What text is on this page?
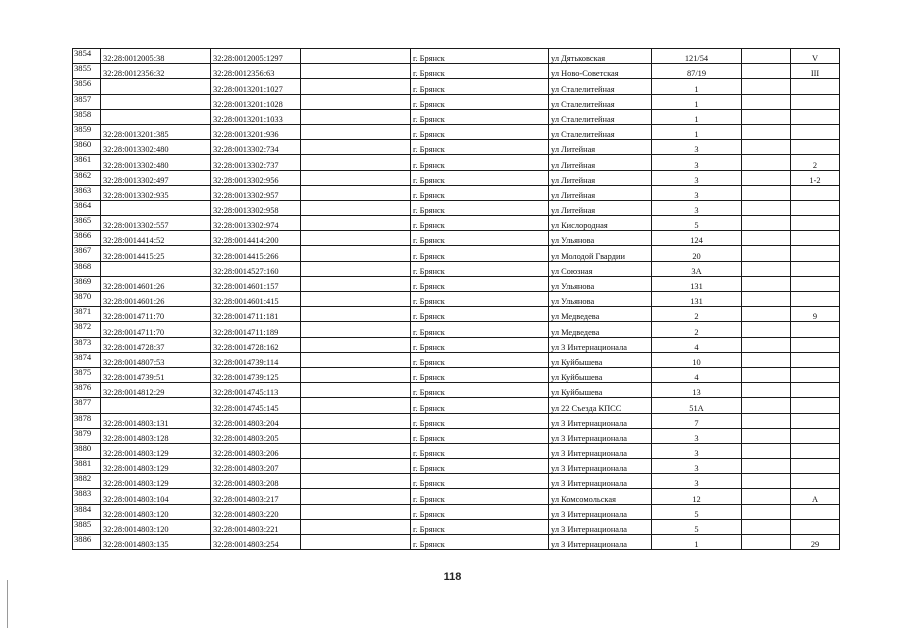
3854	32:28:0012005:38	32:28:0012005:1297		г. Брянск	ул Дятьковская	121/54		V
3855	32:28:0012356:32	32:28:0012356:63		г. Брянск	ул Ново-Советская	87/19		III
3856		32:28:0013201:1027		г. Брянск	ул Сталелитейная	1		
3857		32:28:0013201:1028		г. Брянск	ул Сталелитейная	1		
3858		32:28:0013201:1033		г. Брянск	ул Сталелитейная	1		
3859	32:28:0013201:385	32:28:0013201:936		г. Брянск	ул Сталелитейная	1		
3860	32:28:0013302:480	32:28:0013302:734		г. Брянск	ул Литейная	3		
3861	32:28:0013302:480	32:28:0013302:737		г. Брянск	ул Литейная	3		2
3862	32:28:0013302:497	32:28:0013302:956		г. Брянск	ул Литейная	3		1-2
3863	32:28:0013302:935	32:28:0013302:957		г. Брянск	ул Литейная	3		
3864		32:28:0013302:958		г. Брянск	ул Литейная	3		
3865	32:28:0013302:557	32:28:0013302:974		г. Брянск	ул Кислородная	5		
3866	32:28:0014414:52	32:28:0014414:200		г. Брянск	ул Ульянова	124		
3867	32:28:0014415:25	32:28:0014415:266		г. Брянск	ул Молодой Гвардии	20		
3868		32:28:0014527:160		г. Брянск	ул Союзная	3А		
3869	32:28:0014601:26	32:28:0014601:157		г. Брянск	ул Ульянова	131		
3870	32:28:0014601:26	32:28:0014601:415		г. Брянск	ул Ульянова	131		
3871	32:28:0014711:70	32:28:0014711:181		г. Брянск	ул Медведева	2		9
3872	32:28:0014711:70	32:28:0014711:189		г. Брянск	ул Медведева	2		
3873	32:28:0014728:37	32:28:0014728:162		г. Брянск	ул 3 Интернационала	4		
3874	32:28:0014807:53	32:28:0014739:114		г. Брянск	ул Куйбышева	10		
3875	32:28:0014739:51	32:28:0014739:125		г. Брянск	ул Куйбышева	4		
3876	32:28:0014812:29	32:28:0014745:113		г. Брянск	ул Куйбышева	13		
3877		32:28:0014745:145		г. Брянск	ул 22 Съезда КПСС	51А		
3878	32:28:0014803:131	32:28:0014803:204		г. Брянск	ул 3 Интернационала	7		
3879	32:28:0014803:128	32:28:0014803:205		г. Брянск	ул 3 Интернационала	3		
3880	32:28:0014803:129	32:28:0014803:206		г. Брянск	ул 3 Интернационала	3		
3881	32:28:0014803:129	32:28:0014803:207		г. Брянск	ул 3 Интернационала	3		
3882	32:28:0014803:129	32:28:0014803:208		г. Брянск	ул 3 Интернационала	3		
3883	32:28:0014803:104	32:28:0014803:217		г. Брянск	ул Комсомольская	12		А
3884	32:28:0014803:120	32:28:0014803:220		г. Брянск	ул 3 Интернационала	5		
3885	32:28:0014803:120	32:28:0014803:221		г. Брянск	ул 3 Интернационала	5		
3886	32:28:0014803:135	32:28:0014803:254		г. Брянск	ул 3 Интернационала	1		29
118
